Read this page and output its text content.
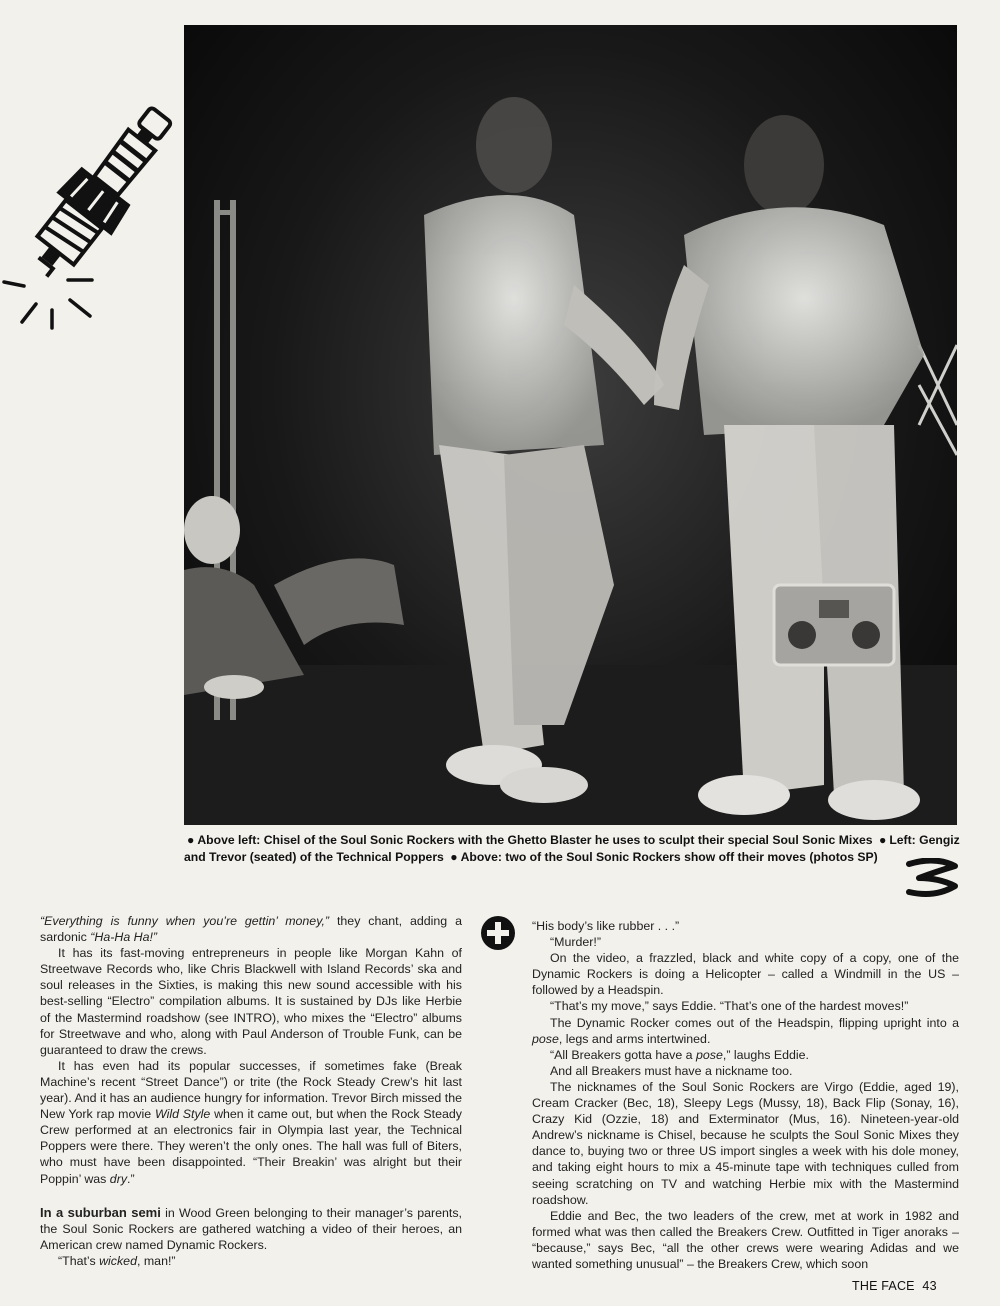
● Above left: Chisel of the Soul Sonic Rockers with the Ghetto Blaster he uses to sculpt their special Soul Sonic Mixes ● Left: Gengiz and Trevor (seated) of the Technical Poppers ● Above: two of the Soul Sonic Rockers show off their moves (photos SP)

“Everything is funny when you’re gettin’ money,” they chant, adding a sardonic “Ha-Ha Ha!”

It has its fast-moving entrepreneurs in people like Morgan Kahn of Streetwave Records who, like Chris Blackwell with Island Records’ ska and soul releases in the Sixties, is making this new sound accessible with his best-selling “Electro” compilation albums. It is sustained by DJs like Herbie of the Mastermind roadshow (see INTRO), who mixes the “Electro” albums for Streetwave and who, along with Paul Anderson of Trouble Funk, can be guaranteed to draw the crews.

It has even had its popular successes, if sometimes fake (Break Machine’s recent “Street Dance”) or trite (the Rock Steady Crew’s hit last year). And it has an audience hungry for information. Trevor Birch missed the New York rap movie Wild Style when it came out, but when the Rock Steady Crew performed at an electronics fair in Olympia last year, the Technical Poppers were there. They weren’t the only ones. The hall was full of Biters, who must have been disappointed. “Their Breakin’ was alright but their Poppin’ was dry.”

In a suburban semi in Wood Green belonging to their manager’s parents, the Soul Sonic Rockers are gathered watching a video of their heroes, an American crew named Dynamic Rockers.

“That’s wicked, man!”

“His body’s like rubber . . .”

“Murder!”

On the video, a frazzled, black and white copy of a copy, one of the Dynamic Rockers is doing a Helicopter – called a Windmill in the US – followed by a Headspin.

“That’s my move,” says Eddie. “That’s one of the hardest moves!”

The Dynamic Rocker comes out of the Headspin, flipping upright into a pose, legs and arms intertwined.

“All Breakers gotta have a pose,” laughs Eddie.

And all Breakers must have a nickname too.

The nicknames of the Soul Sonic Rockers are Virgo (Eddie, aged 19), Cream Cracker (Bec, 18), Sleepy Legs (Mussy, 18), Back Flip (Sonay, 16), Crazy Kid (Ozzie, 18) and Exterminator (Mus, 16). Nineteen-year-old Andrew’s nickname is Chisel, because he sculpts the Soul Sonic Mixes they dance to, buying two or three US import singles a week with his dole money, and taking eight hours to mix a 45-minute tape with techniques culled from seeing scratching on TV and watching Herbie mix with the Mastermind roadshow.

Eddie and Bec, the two leaders of the crew, met at work in 1982 and formed what was then called the Breakers Crew. Outfitted in Tiger anoraks – “because,” says Bec, “all the other crews were wearing Adidas and we wanted something unusual” – the Breakers Crew, which soon

THE FACE 43
